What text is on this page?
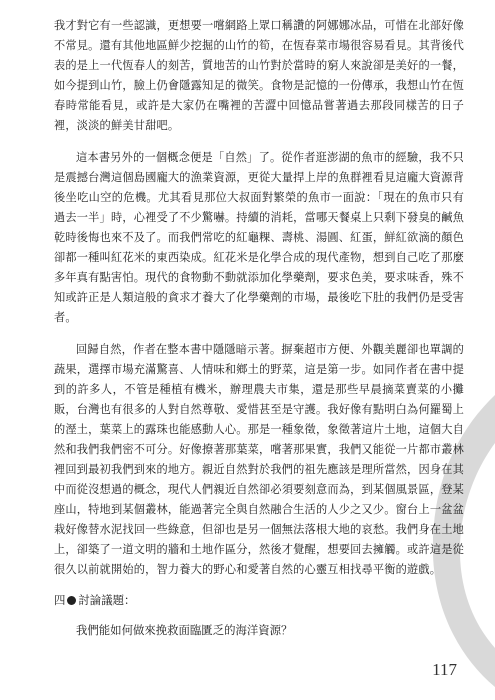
我才對它有一些認識，更想要一嚐網路上眾口稱讚的阿娜娜冰品，可惜在北部好像不常見。還有其他地區鮮少挖掘的山竹的筍，在恆春菜市場很容易看見。其背後代表的是上一代恆春人的刻苦，質地苦的山竹對於當時的窮人來說卻是美好的一餐，如今提到山竹，臉上仍會隱露知足的微笑。食物是記憶的一份傳承，我想山竹在恆春時常能看見，或許是大家仍在嘴裡的苦澀中回憶品嘗著過去那段同樣苦的日子裡，淡淡的鮮美甘甜吧。

這本書另外的一個概念便是「自然」了。從作者逛澎湖的魚市的經驗，我不只是震撼台灣這個島國龐大的漁業資源，更從大量捍上岸的魚群裡看見這龐大資源背後坐吃山空的危機。尤其看見那位大叔面對繁榮的魚市一面說：「現在的魚市只有過去一半」時，心裡受了不少驚嚇。持續的消耗，當哪天餐桌上只剩下發臭的鹹魚乾時後悔也來不及了。而我們常吃的紅龜粿、壽桃、湯圓、紅蛋，鮮紅欲滴的顏色卻都一種叫紅花米的東西染成。紅花米是化學合成的現代產物，想到自己吃了那麼多年真有點害怕。現代的食物動不動就添加化學藥劑，要求色美，要求味香，殊不知或許正是人類這般的貪求才養大了化學藥劑的市場，最後吃下肚的我們仍是受害者。

回歸自然，作者在整本書中隱隱暗示著。摒棄超市方便、外觀美麗卻也單調的蔬果，選擇市場充滿驚喜、人情味和鄉土的野菜，這是第一步。如同作者在書中提到的許多人，不管是種植有機米，辦理農夫市集，還是那些早晨摘菜賣菜的小攤販，台灣也有很多的人對自然尊敬、愛惜甚至是守護。我好像有點明白為何羅蜀上的溼土，葉菜上的露珠也能感動人心。那是一種象徵，象徵著這片土地，這個大自然和我們我們密不可分。好像撩著那葉菜，嚐著那果實，我們又能從一片都市叢林裡回到最初我們到來的地方。親近自然對於我們的祖先應該是理所當然，因身在其中而從沒想過的概念，現代人們親近自然卻必須要刻意而為，到某個風景區，登某座山，特地到某個叢林，能過著完全與自然融合生活的人少之又少。窗台上一盆盆栽好像替水泥找回一些綠意，但卻也是另一個無法落根大地的哀愁。我們身在土地上，卻築了一道文明的牆和土地作區分，然後才覺醒，想要回去擁觸。或許這是從很久以前就開始的，智力養大的野心和愛著自然的心靈互相找尋平衡的遊戲。

四 討論議題：
我們能如何做來挽救面臨匱乏的海洋資源？
117
